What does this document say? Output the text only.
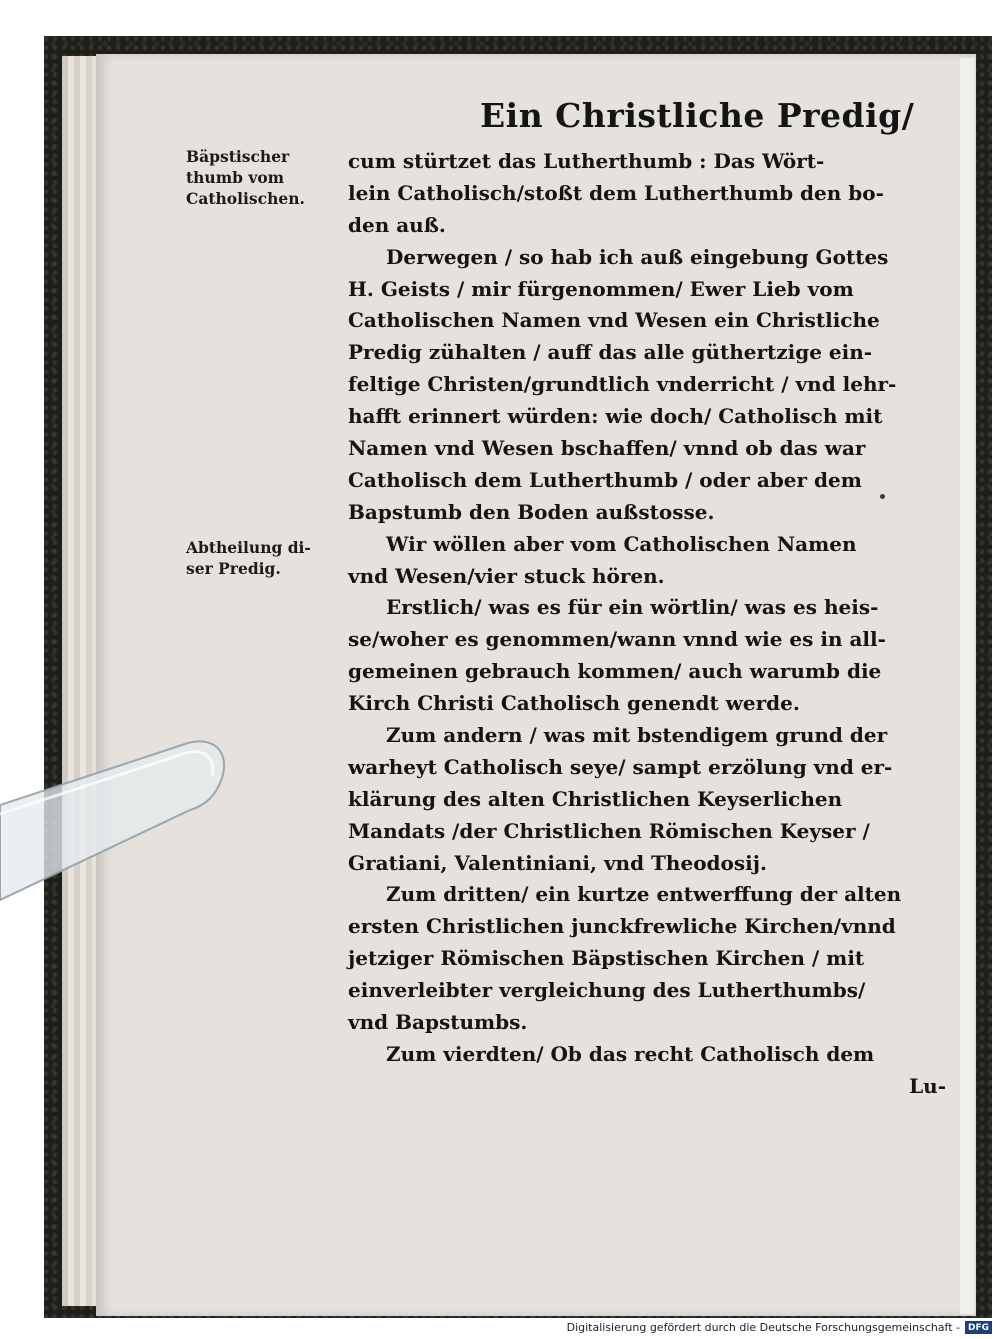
Ein Christliche Predig/
Bäpstischer
thumb vom
Catholischen.
Abtheilung di-
ser Predig.
cum stürtzet das Lutherthumb : Das Wört-
lein Catholisch/stoßt dem Lutherthumb den bo-
den auß.
Derwegen / so hab ich auß eingebung Gottes
H. Geists / mir fürgenommen/ Ewer Lieb vom
Catholischen Namen vnd Wesen ein Christliche
Predig zühalten / auff das alle güthertzige ein-
feltige Christen/grundtlich vnderricht / vnd lehr-
hafft erinnert würden: wie doch/ Catholisch mit
Namen vnd Wesen bschaffen/ vnnd ob das war
Catholisch dem Lutherthumb / oder aber dem
Bapstumb den Boden außstosse.
Wir wöllen aber vom Catholischen Namen
vnd Wesen/vier stuck hören.
Erstlich/ was es für ein wörtlin/ was es heis-
se/woher es genommen/wann vnnd wie es in all-
gemeinen gebrauch kommen/ auch warumb die
Kirch Christi Catholisch genendt werde.
Zum andern / was mit bstendigem grund der
warheyt Catholisch seye/ sampt erzölung vnd er-
klärung des alten Christlichen Keyserlichen
Mandats /der Christlichen Römischen Keyser /
Gratiani, Valentiniani, vnd Theodosij.
Zum dritten/ ein kurtze entwerffung der alten
ersten Christlichen junckfrewliche Kirchen/vnnd
jetziger Römischen Bäpstischen Kirchen / mit
einverleibter vergleichung des Lutherthumbs/
vnd Bapstumbs.
Zum vierdten/ Ob das recht Catholisch dem
Lu-
Digitalisierung gefördert durch die Deutsche Forschungsgemeinschaft - DFG
